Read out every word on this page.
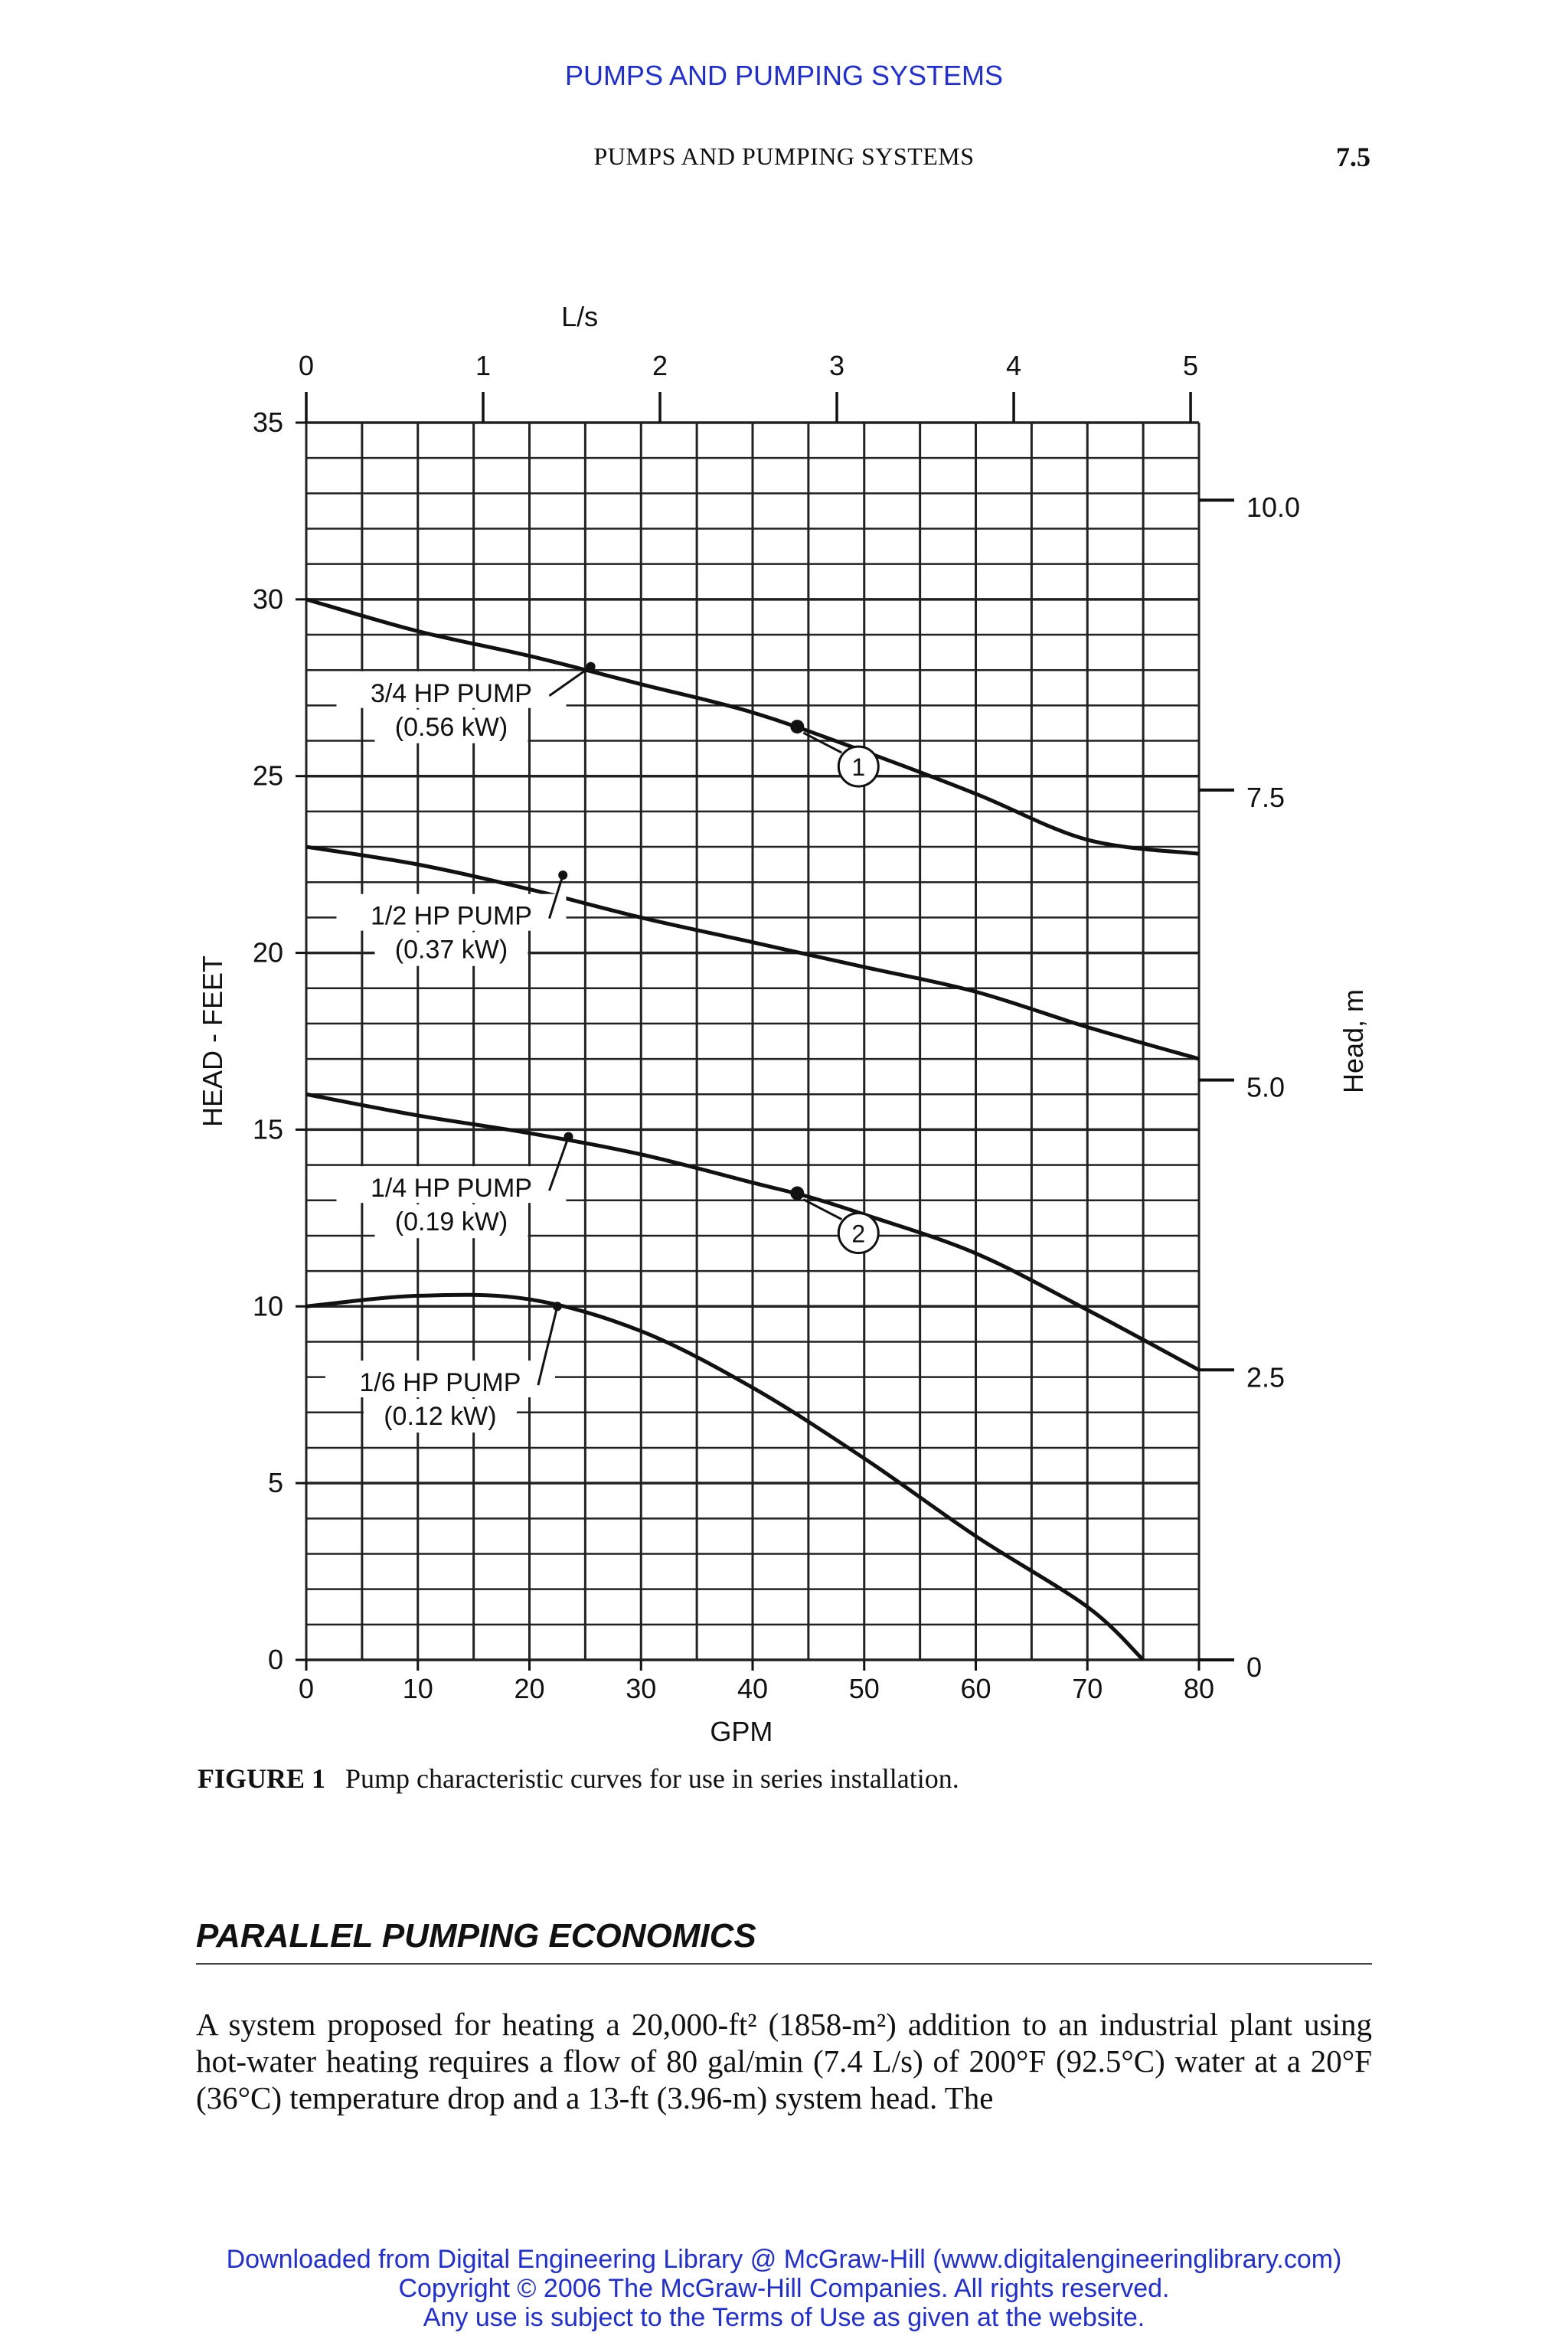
PUMPS AND PUMPING SYSTEMS
PUMPS AND PUMPING SYSTEMS	7.5
0	10	20	30	40	50	60	70	80
GPM
0
5
10
15
20
25
30
35
HEAD - FEET
0	1	2	3	4	5
L/s
0
2.5
5.0
7.5
10.0
Head, m
3/4 HP PUMP
(0.56 kW)
1/2 HP PUMP
(0.37 kW)
1/4 HP PUMP
(0.19 kW)
1/6 HP PUMP
(0.12 kW)
1
2
FIGURE 1 Pump characteristic curves for use in series installation.
PARALLEL PUMPING ECONOMICS

A system proposed for heating a 20,000-ft² (1858-m²) addition to an industrial plant using hot-water heating requires a flow of 80 gal/min (7.4 L/s) of 200°F (92.5°C) water at a 20°F (36°C) temperature drop and a 13-ft (3.96-m) system head. The

Downloaded from Digital Engineering Library @ McGraw-Hill (www.digitalengineeringlibrary.com)
Copyright © 2006 The McGraw-Hill Companies. All rights reserved.
Any use is subject to the Terms of Use as given at the website.
